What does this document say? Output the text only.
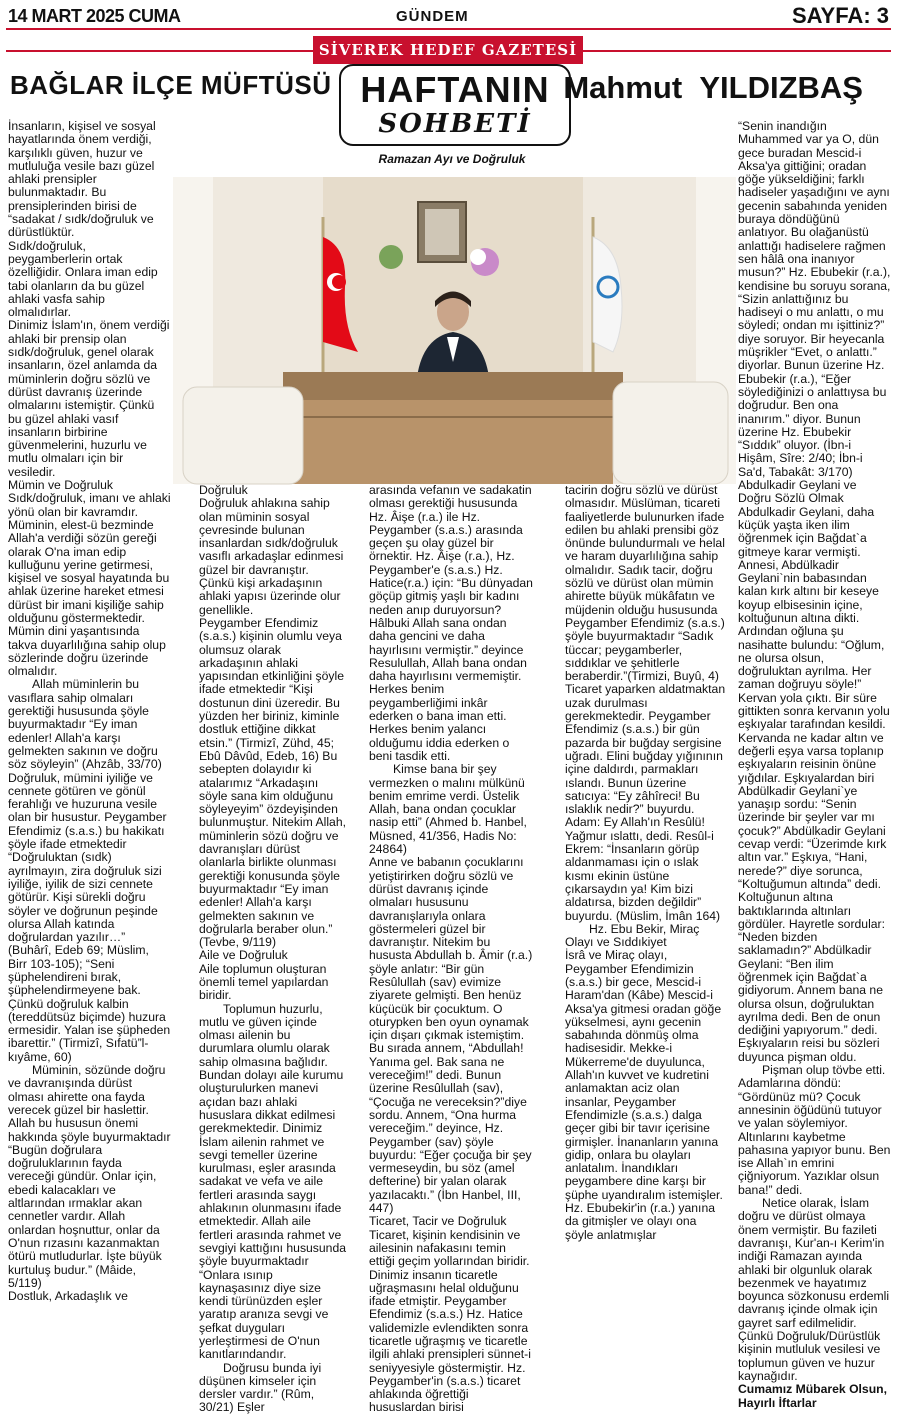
14 MART 2025 CUMA	GÜNDEM	SAYFA: 3
SİVEREK HEDEF GAZETESİ
BAĞLAR İLÇE MÜFTÜSÜ HAFTANIN
SOHBETİ
Mahmut YILDIZBAŞ
Ramazan Ayı ve Doğruluk

İnsanların, kişisel ve sosyal hayatlarında önem verdiği, karşılıklı güven, huzur ve mutluluğa vesile bazı güzel ahlaki prensipler bulunmaktadır. Bu prensiplerinden birisi de “sadakat / sıdk/doğruluk ve dürüstlüktür.

Sıdk/doğruluk, peygamberlerin ortak özelliğidir. Onlara iman edip tabi olanların da bu güzel ahlaki vasfa sahip olmalıdırlar.

Dinimiz İslam'ın, önem verdiği ahlaki bir prensip olan sıdk/doğruluk, genel olarak insanların, özel anlamda da müminlerin doğru sözlü ve dürüst davranış üzerinde olmalarını istemiştir. Çünkü bu güzel ahlaki vasıf insanların birbirine güvenmelerini, huzurlu ve mutlu olmaları için bir vesiledir.

Mümin ve Doğruluk

Sıdk/doğruluk, imanı ve ahlaki yönü olan bir kavramdır. Müminin, elest-ü bezminde Allah'a verdiği sözün gereği olarak O'na iman edip kulluğunu yerine getirmesi, kişisel ve sosyal hayatında bu ahlak üzerine hareket etmesi dürüst bir imani kişiliğe sahip olduğunu göstermektedir.

Mümin dini yaşantısında takva duyarlılığına sahip olup sözlerinde doğru üzerinde olmalıdır.

Allah müminlerin bu vasıflara sahip olmaları gerektiği hususunda şöyle buyurmaktadır “Ey iman edenler! Allah'a karşı gelmekten sakının ve doğru söz söyleyin” (Ahzâb, 33/70)

Doğruluk, mümini iyiliğe ve cennete götüren ve gönül ferahlığı ve huzuruna vesile olan bir husustur. Peygamber Efendimiz (s.a.s.) bu hakikatı şöyle ifade etmektedir

“Doğruluktan (sıdk) ayrılmayın, zira doğruluk sizi iyiliğe, iyilik de sizi cennete götürür. Kişi sürekli doğru söyler ve doğrunun peşinde olursa Allah katında doğrulardan yazılır…” (Buhârî, Edeb 69; Müslim, Birr 103-105); “Seni şüphelendireni bırak, şüphelendirmeyene bak. Çünkü doğruluk kalbin (tereddütsüz biçimde) huzura ermesidir. Yalan ise şüpheden ibarettir.” (Tirmizî, Sıfatü”l-kıyâme, 60)

Müminin, sözünde doğru ve davranışında dürüst olması ahirette ona fayda verecek güzel bir haslettir. Allah bu hususun önemi hakkında şöyle buyurmaktadır “Bugün doğrulara doğruluklarının fayda vereceği gündür. Onlar için, ebedi kalacakları ve altlarından ırmaklar akan cennetler vardır. Allah onlardan hoşnuttur, onlar da O'nun rızasını kazanmaktan ötürü mutludurlar. İşte büyük kurtuluş budur.” (Mâide, 5/119)

Dostluk, Arkadaşlık ve

Doğruluk

Doğruluk ahlakına sahip olan müminin sosyal çevresinde bulunan insanlardan sıdk/doğruluk vasıflı arkadaşlar edinmesi güzel bir davranıştır. Çünkü kişi arkadaşının ahlaki yapısı üzerinde olur genellikle.

Peygamber Efendimiz (s.a.s.) kişinin olumlu veya olumsuz olarak arkadaşının ahlaki yapısından etkinliğini şöyle ifade etmektedir “Kişi dostunun dini üzeredir. Bu yüzden her biriniz, kiminle dostluk ettiğine dikkat etsin.” (Tirmizî, Zühd, 45; Ebû Dâvûd, Edeb, 16) Bu sebepten dolayıdır ki atalarımız “Arkadaşını söyle sana kim olduğunu söyleyeyim” özdeyişinden bulunmuştur. Nitekim Allah, müminlerin sözü doğru ve davranışları dürüst olanlarla birlikte olunması gerektiği konusunda şöyle buyurmaktadır “Ey iman edenler! Allah'a karşı gelmekten sakının ve doğrularla beraber olun.” (Tevbe, 9/119)

Aile ve Doğruluk

Aile toplumun oluşturan önemli temel yapılardan biridir.

Toplumun huzurlu, mutlu ve güven içinde olması ailenin bu durumlara olumlu olarak sahip olmasına bağlıdır. Bundan dolayı aile kurumu oluşturulurken manevi açıdan bazı ahlaki hususlara dikkat edilmesi gerekmektedir. Dinimiz İslam ailenin rahmet ve sevgi temeller üzerine kurulması, eşler arasında sadakat ve vefa ve aile fertleri arasında saygı ahlakının olunmasını ifade etmektedir. Allah aile fertleri arasında rahmet ve sevgiyi kattığını hususunda şöyle buyurmaktadır “Onlara ısınıp kaynaşasınız diye size kendi türünüzden eşler yaratıp aranıza sevgi ve şefkat duyguları yerleştirmesi de O'nun kanıtlarındandır.

Doğrusu bunda iyi düşünen kimseler için dersler vardır.” (Rûm, 30/21) Eşler

arasında vefanın ve sadakatin olması gerektiği hususunda Hz. Âişe (r.a.) ile Hz. Peygamber (s.a.s.) arasında geçen şu olay güzel bir örnektir. Hz. Âişe (r.a.), Hz. Peygamber'e (s.a.s.) Hz. Hatice(r.a.) için: “Bu dünyadan göçüp gitmiş yaşlı bir kadını neden anıp duruyorsun? Hâlbuki Allah sana ondan daha gencini ve daha hayırlısını vermiştir.” deyince Resulullah, Allah bana ondan daha hayırlısını vermemiştir. Herkes benim peygamberliğimi inkâr ederken o bana iman etti. Herkes benim yalancı olduğumu iddia ederken o beni tasdik etti.

Kimse bana bir şey vermezken o malını mülkünü benim emrime verdi. Üstelik Allah, bana ondan çocuklar nasip etti” (Ahmed b. Hanbel, Müsned, 41/356, Hadis No: 24864)

Anne ve babanın çocuklarını yetiştirirken doğru sözlü ve dürüst davranış içinde olmaları hususunu davranışlarıyla onlara göstermeleri güzel bir davranıştır. Nitekim bu hususta Abdullah b. Âmir (r.a.) şöyle anlatır: “Bir gün Resûlullah (sav) evimize ziyarete gelmişti. Ben henüz küçücük bir çocuktum. O oturурken ben oyun oynamak için dışarı çıkmak istemiştim. Bu sırada annem, “Abdullah! Yanıma gel. Bak sana ne vereceğim!” dedi. Bunun üzerine Resûlullah (sav), “Çocuğa ne vereceksin?”diye sordu. Annem, “Ona hurma vereceğim.” deyince, Hz. Peygamber (sav) şöyle buyurdu: “Eğer çocuğa bir şey vermeseydin, bu söz (amel defterine) bir yalan olarak yazılacaktı.” (İbn Hanbel, III, 447)

Ticaret, Tacir ve Doğruluk

Ticaret, kişinin kendisinin ve ailesinin nafakasını temin ettiği geçim yollarından biridir. Dinimiz insanın ticaretle uğraşmasını helal olduğunu ifade etmiştir. Peygamber Efendimiz (s.a.s.) Hz. Hatice validemizle evlendikten sonra ticaretle uğraşmış ve ticaretle ilgili ahlaki prensipleri sünnet-i seniyyesiyle göstermiştir. Hz. Peygamber'in (s.a.s.) ticaret ahlakında öğrettiği hususlardan birisi

tacirin doğru sözlü ve dürüst olmasıdır. Müslüman, ticareti faaliyetlerde bulunurken ifade edilen bu ahlaki prensibi göz önünde bulundurmalı ve helal ve haram duyarlılığına sahip olmalıdır. Sadık tacir, doğru sözlü ve dürüst olan mümin ahirette büyük mükâfatın ve müjdenin olduğu hususunda Peygamber Efendimiz (s.a.s.) şöyle buyurmaktadır “Sadık tüccar; peygamberler, sıddıklar ve şehitlerle beraberdir.”(Tirmizi, Buyû, 4) Ticaret yaparken aldatmaktan uzak durulması gerekmektedir. Peygamber Efendimiz (s.a.s.) bir gün pazarda bir buğday sergisine uğradı. Elini buğday yığınının içine daldırdı, parmakları ıslandı. Bunun üzerine satıcıya: “Ey zâhîreci! Bu ıslaklık nedir?” buyurdu. Adam: Ey Allah'ın Resûlü! Yağmur ıslattı, dedi. Resûl-i Ekrem: “İnsanların görüp aldanmaması için o ıslak kısmı ekinin üstüne çıkarsaydın ya! Kim bizi aldatırsa, bizden değildir” buyurdu. (Müslim, İmân 164)

Hz. Ebu Bekir, Miraç Olayı ve Sıddıkiyet

İsrâ ve Miraç olayı, Peygamber Efendimizin (s.a.s.) bir gece, Mescid-i Haram'dan (Kâbe) Mescid-i Aksa'ya gitmesi oradan göğe yükselmesi, aynı gecenin sabahında dönmüş olma hadisesidir. Mekke-i Mükerreme'de duyulunca, Allah'ın kuvvet ve kudretini anlamaktan aciz olan insanlar, Peygamber Efendimizle (s.a.s.) dalga geçer gibi bir tavır içerisine girmişler. İnananların yanına gidip, onlara bu olayları anlatalım. İnandıkları peygambere dine karşı bir şüphe uyandıralım istemişler. Hz. Ebubekir'in (r.a.) yanına da gitmişler ve olayı ona şöyle anlatmışlar

“Senin inandığın Muhammed var ya O, dün gece buradan Mescid-i Aksa'ya gittiğini; oradan göğe yükseldiğini; farklı hadiseler yaşadığını ve aynı gecenin sabahında yeniden buraya döndüğünü anlatıyor. Bu olağanüstü anlattığı hadiselere rağmen sen hâlâ ona inanıyor musun?” Hz. Ebubekir (r.a.), kendisine bu soruyu sorana, “Sizin anlattığınız bu hadiseyi o mu anlattı, o mu söyledi; ondan mı işittiniz?” diye soruyor. Bir heyecanla müşrikler “Evet, o anlattı.” diyorlar. Bunun üzerine Hz. Ebubekir (r.a.), “Eğer söylediğinizi o anlattıysa bu doğrudur. Ben ona inanırım.” diyor. Bunun üzerine Hz. Ebubekir “Sıddık” oluyor. (İbn-i Hişâm, Sîre: 2/40; İbn-i Sa'd, Tabakât: 3/170)

Abdulkadir Geylani ve Doğru Sözlü Olmak

Abdulkadir Geylani, daha küçük yaşta iken ilim öğrenmek için Bağdat`a gitmeye karar vermişti. Annesi, Abdülkadir Geylani`nin babasından kalan kırk altını bir keseye koyup elbisesinin içine, koltuğunun altına dikti. Ardından oğluna şu nasihatte bulundu: “Oğlum, ne olursa olsun, doğruluktan ayrılma. Her zaman doğruyu söyle!” Kervan yola çıktı. Bir süre gittikten sonra kervanın yolu eşkıyalar tarafından kesildi. Kervanda ne kadar altın ve değerli eşya varsa toplanıp eşkıyaların reisinin önüne yığdılar. Eşkıyalardan biri Abdülkadir Geylani`ye yanaşıp sordu: “Senin üzerinde bir şeyler var mı çocuk?” Abdülkadir Geylani cevap verdi: “Üzerimde kırk altın var.” Eşkıya, “Hani, nerede?” diye sorunca, “Koltuğumun altında” dedi. Koltuğunun altına baktıklarında altınları gördüler. Hayretle sordular: “Neden bizden saklamadın?” Abdülkadir Geylani: “Ben ilim öğrenmek için Bağdat`a gidiyorum. Annem bana ne olursa olsun, doğruluktan ayrılma dedi. Ben de onun dediğini yapıyorum.” dedi. Eşkıyaların reisi bu sözleri duyunca pişman oldu.

Pişman olup tövbe etti. Adamlarına döndü: “Gördünüz mü? Çocuk annesinin öğüdünü tutuyor ve yalan söylemiyor. Altınlarını kaybetme pahasına yapıyor bunu. Ben ise Allah`ın emrini çiğniyorum. Yazıklar olsun bana!” dedi.

Netice olarak, İslam doğru ve dürüst olmaya önem vermiştir. Bu fazileti davranışı, Kur'an-ı Kerim'in indiği Ramazan ayında ahlaki bir olgunluk olarak bezenmek ve hayatımız boyunca sözkonusu erdemli davranış içinde olmak için gayret sarf edilmelidir. Çünkü Doğruluk/Dürüstlük kişinin mutluluk vesilesi ve toplumun güven ve huzur kaynağıdır.

Cumamız Mübarek Olsun, Hayırlı İftarlar
